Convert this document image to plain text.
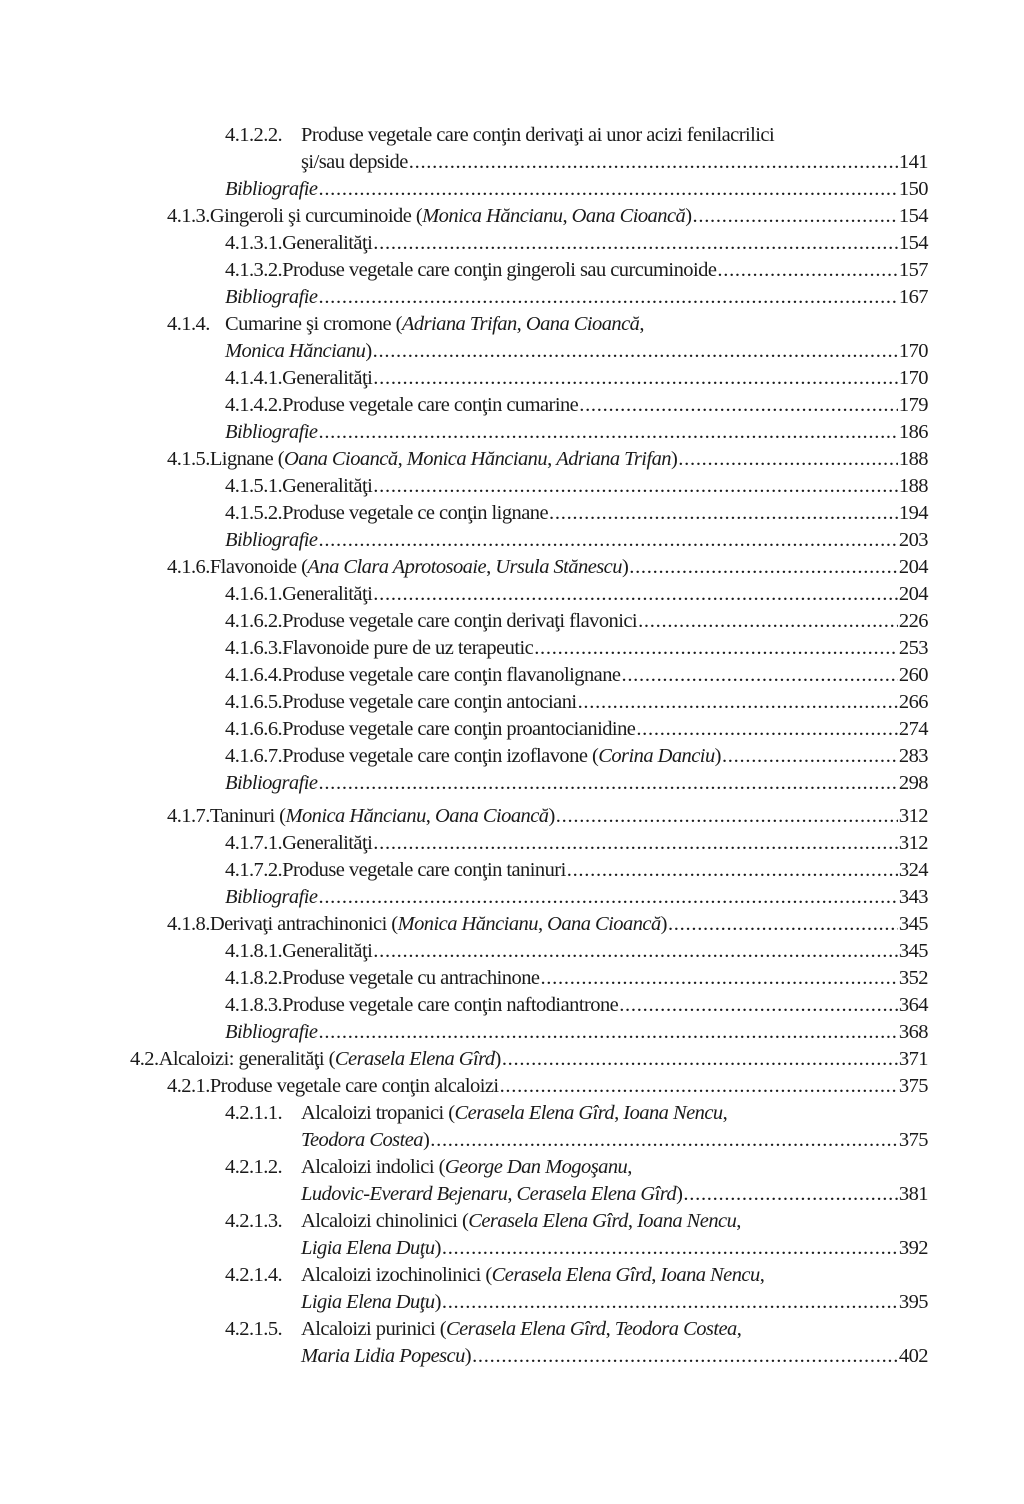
4.1.2.2. Produse vegetale care conţin derivaţi ai unor acizi fenilacrilici
şi/sau depside . . .	141
Bibliografie . . .	150
4.1.3. Gingeroli şi curcuminoide (Monica Hăncianu, Oana Cioancă) . . .	154
4.1.3.1. Generalităţi . . .	154
4.1.3.2. Produse vegetale care conţin gingeroli sau curcuminoide . . .	157
Bibliografie . . .	167
4.1.4. Cumarine şi cromone (Adriana Trifan, Oana Cioancă,
Monica Hăncianu) . . .	170
4.1.4.1. Generalităţi . . .	170
4.1.4.2. Produse vegetale care conţin cumarine . . .	179
Bibliografie . . .	186
4.1.5. Lignane (Oana Cioancă, Monica Hăncianu, Adriana Trifan) . . .	188
4.1.5.1. Generalităţi . . .	188
4.1.5.2. Produse vegetale ce conţin lignane . . .	194
Bibliografie . . .	203
4.1.6. Flavonoide (Ana Clara Aprotosoaie, Ursula Stănescu) . . .	204
4.1.6.1. Generalităţi . . .	204
4.1.6.2. Produse vegetale care conţin derivaţi flavonici . . .	226
4.1.6.3. Flavonoide pure de uz terapeutic . . .	253
4.1.6.4. Produse vegetale care conţin flavanolignane . . .	260
4.1.6.5. Produse vegetale care conţin antociani . . .	266
4.1.6.6. Produse vegetale care conţin proantocianidine . . .	274
4.1.6.7. Produse vegetale care conţin izoflavone (Corina Danciu) . . .	283
Bibliografie . . .	298
4.1.7. Taninuri (Monica Hăncianu, Oana Cioancă) . . .	312
4.1.7.1. Generalităţi . . .	312
4.1.7.2. Produse vegetale care conţin taninuri . . .	324
Bibliografie . . .	343
4.1.8. Derivaţi antrachinonici (Monica Hăncianu, Oana Cioancă) . . .	345
4.1.8.1. Generalităţi . . .	345
4.1.8.2. Produse vegetale cu antrachinone . . .	352
4.1.8.3. Produse vegetale care conţin naftodiantrone . . .	364
Bibliografie . . .	368
4.2. Alcaloizi: generalităţi (Cerasela Elena Gîrd) . . .	371
4.2.1. Produse vegetale care conţin alcaloizi . . .	375
4.2.1.1. Alcaloizi tropanici (Cerasela Elena Gîrd, Ioana Nencu,
Teodora Costea) . . .	375
4.2.1.2. Alcaloizi indolici (George Dan Mogoşanu,
Ludovic-Everard Bejenaru, Cerasela Elena Gîrd) . . .	381
4.2.1.3. Alcaloizi chinolinici (Cerasela Elena Gîrd, Ioana Nencu,
Ligia Elena Duţu) . . .	392
4.2.1.4. Alcaloizi izochinolinici (Cerasela Elena Gîrd, Ioana Nencu,
Ligia Elena Duţu) . . .	395
4.2.1.5. Alcaloizi purinici (Cerasela Elena Gîrd, Teodora Costea,
Maria Lidia Popescu) . . .	402
